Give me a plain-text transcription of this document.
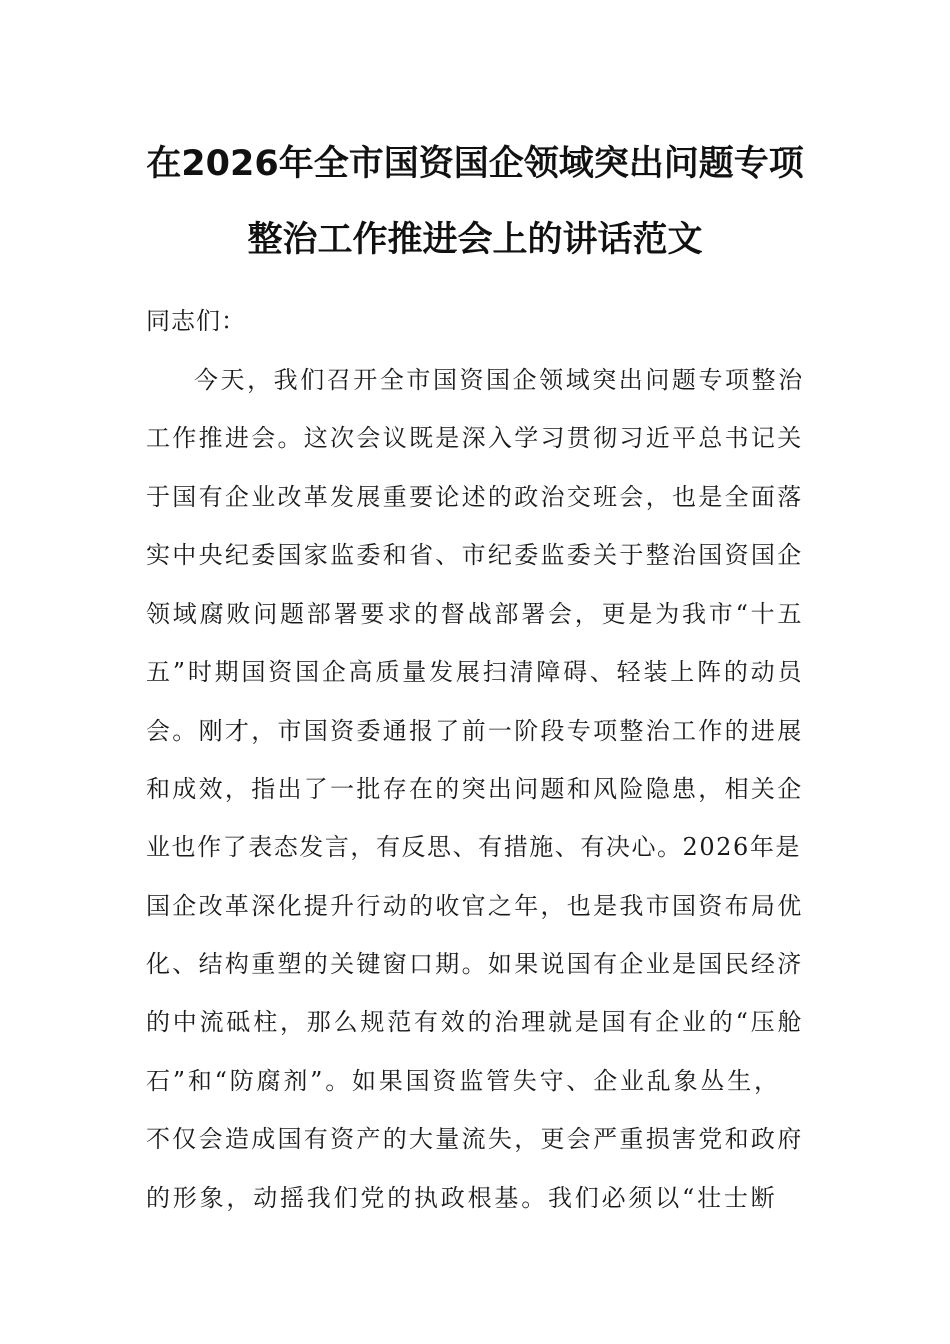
在2026年全市国资国企领域突出问题专项
整治工作推进会上的讲话范文
同志们：
今天，我们召开全市国资国企领域突出问题专项整治
工作推进会。这次会议既是深入学习贯彻习近平总书记关
于国有企业改革发展重要论述的政治交班会，也是全面落
实中央纪委国家监委和省、市纪委监委关于整治国资国企
领域腐败问题部署要求的督战部署会，更是为我市“十五
五”时期国资国企高质量发展扫清障碍、轻装上阵的动员
会。刚才，市国资委通报了前一阶段专项整治工作的进展
和成效，指出了一批存在的突出问题和风险隐患，相关企
业也作了表态发言，有反思、有措施、有决心。2026年是
国企改革深化提升行动的收官之年，也是我市国资布局优
化、结构重塑的关键窗口期。如果说国有企业是国民经济
的中流砥柱，那么规范有效的治理就是国有企业的“压舱
石”和“防腐剂”。如果国资监管失守、企业乱象丛生，
不仅会造成国有资产的大量流失，更会严重损害党和政府
的形象，动摇我们党的执政根基。我们必须以“壮士断
